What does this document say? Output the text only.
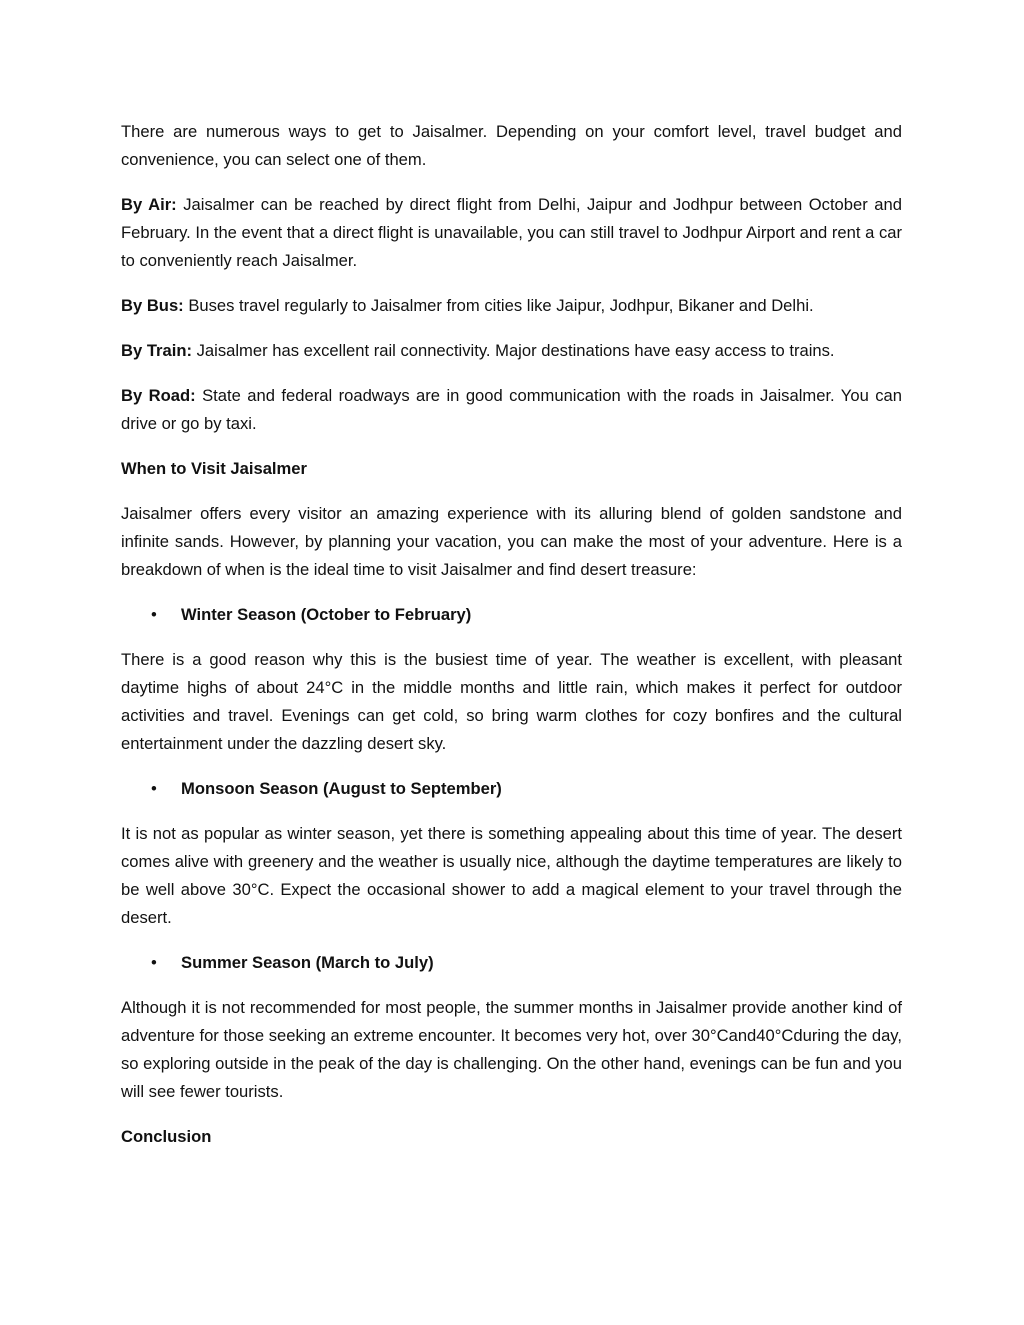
There are numerous ways to get to Jaisalmer. Depending on your comfort level, travel budget and convenience, you can select one of them.

By Air: Jaisalmer can be reached by direct flight from Delhi, Jaipur and Jodhpur between October and February. In the event that a direct flight is unavailable, you can still travel to Jodhpur Airport and rent a car to conveniently reach Jaisalmer.

By Bus: Buses travel regularly to Jaisalmer from cities like Jaipur, Jodhpur, Bikaner and Delhi.

By Train: Jaisalmer has excellent rail connectivity. Major destinations have easy access to trains.

By Road: State and federal roadways are in good communication with the roads in Jaisalmer. You can drive or go by taxi.

When to Visit Jaisalmer

Jaisalmer offers every visitor an amazing experience with its alluring blend of golden sandstone and infinite sands. However, by planning your vacation, you can make the most of your adventure. Here is a breakdown of when is the ideal time to visit Jaisalmer and find desert treasure:

•	Winter Season (October to February)

There is a good reason why this is the busiest time of year. The weather is excellent, with pleasant daytime highs of about 24°C in the middle months and little rain, which makes it perfect for outdoor activities and travel. Evenings can get cold, so bring warm clothes for cozy bonfires and the cultural entertainment under the dazzling desert sky.

•	Monsoon Season (August to September)

It is not as popular as winter season, yet there is something appealing about this time of year. The desert comes alive with greenery and the weather is usually nice, although the daytime temperatures are likely to be well above 30°C. Expect the occasional shower to add a magical element to your travel through the desert.

•	Summer Season (March to July)

Although it is not recommended for most people, the summer months in Jaisalmer provide another kind of adventure for those seeking an extreme encounter. It becomes very hot, over 30°Cand40°Cduring the day, so exploring outside in the peak of the day is challenging. On the other hand, evenings can be fun and you will see fewer tourists.

Conclusion
